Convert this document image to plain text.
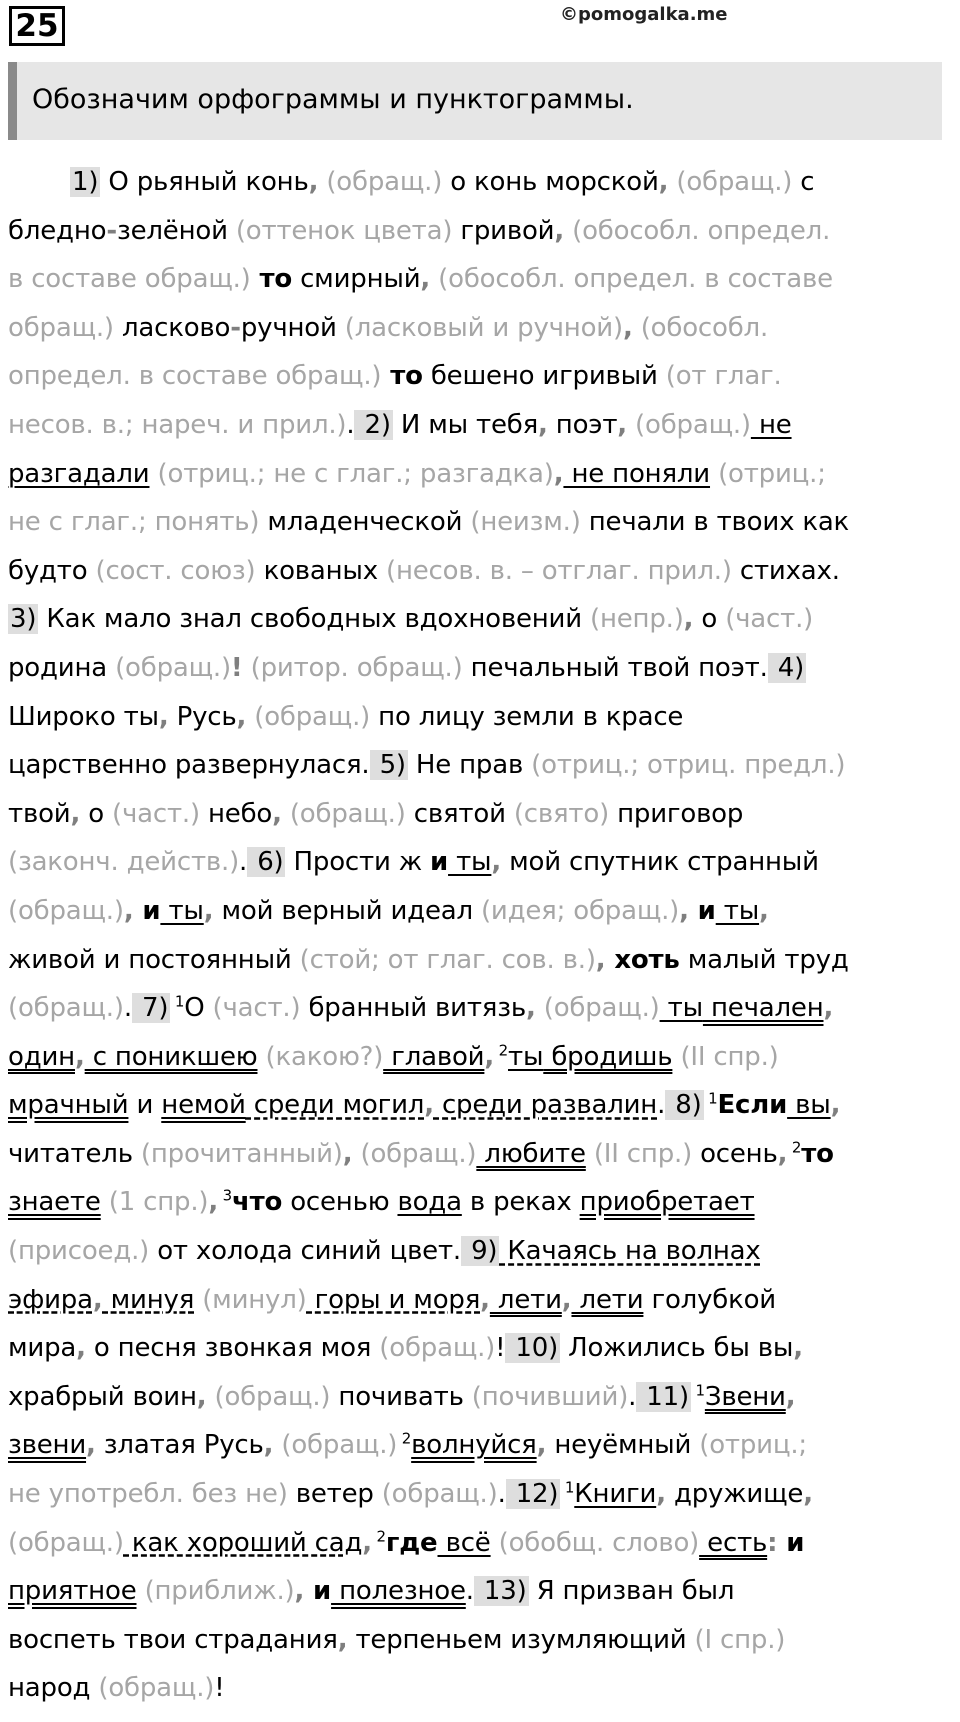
25	©pomogalka.me
Обозначим орфограммы и пунктограммы.
1) О рьяный конь, (обращ.) о конь морской, (обращ.) с
бледно-зелёной (оттенок цвета) гривой, (обособл. определ.
в составе обращ.) то смирный, (обособл. определ. в составе
обращ.) ласково-ручной (ласковый и ручной), (обособл.
определ. в составе обращ.) то бешено игривый (от глаг.
несов. в.; нареч. и прил.). 2) И мы тебя, поэт, (обращ.) не
разгадали (отриц.; не с глаг.; разгадка), не поняли (отриц.;
не с глаг.; понять) младенческой (неизм.) печали в твоих как
будто (сост. союз) кованых (несов. в. – отглаг. прил.) стихах.
3) Как мало знал свободных вдохновений (непр.), о (част.)
родина (обращ.)! (ритор. обращ.) печальный твой поэт. 4)
Широко ты, Русь, (обращ.) по лицу земли в красе
царственно развернулася. 5) Не прав (отриц.; отриц. предл.)
твой, о (част.) небо, (обращ.) святой (свято) приговор
(законч. действ.). 6) Прости ж и ты, мой спутник странный
(обращ.), и ты, мой верный идеал (идея; обращ.), и ты,
живой и постоянный (стой; от глаг. сов. в.), хоть малый труд
(обращ.). 7) $^1$О (част.) бранный витязь, (обращ.) ты печален,
один, с поникшею (какою?) главой, $^2$ты бродишь (II спр.)
мрачный и немой среди могил, среди развалин. 8) $^1$Если вы,
читатель (прочитанный), (обращ.) любите (II спр.) осень, $^2$то
знаете (1 спр.), $^3$что осенью вода в реках приобретает
(присоед.) от холода синий цвет. 9) Качаясь на волнах
эфира, минуя (минул) горы и моря, лети, лети голубкой
мира, о песня звонкая моя (обращ.)! 10) Ложились бы вы,
храбрый воин, (обращ.) почивать (почивший). 11) $^1$Звени,
звени, златая Русь, (обращ.) $^2$волнуйся, неуёмный (отриц.;
не употребл. без не) ветер (обращ.). 12) $^1$Книги, дружище,
(обращ.) как хороший сад, $^2$где всё (обобщ. слово) есть: и
приятное (приближ.), и полезное. 13) Я призван был
воспеть твои страдания, терпеньем изумляющий (I спр.)
народ (обращ.)!
